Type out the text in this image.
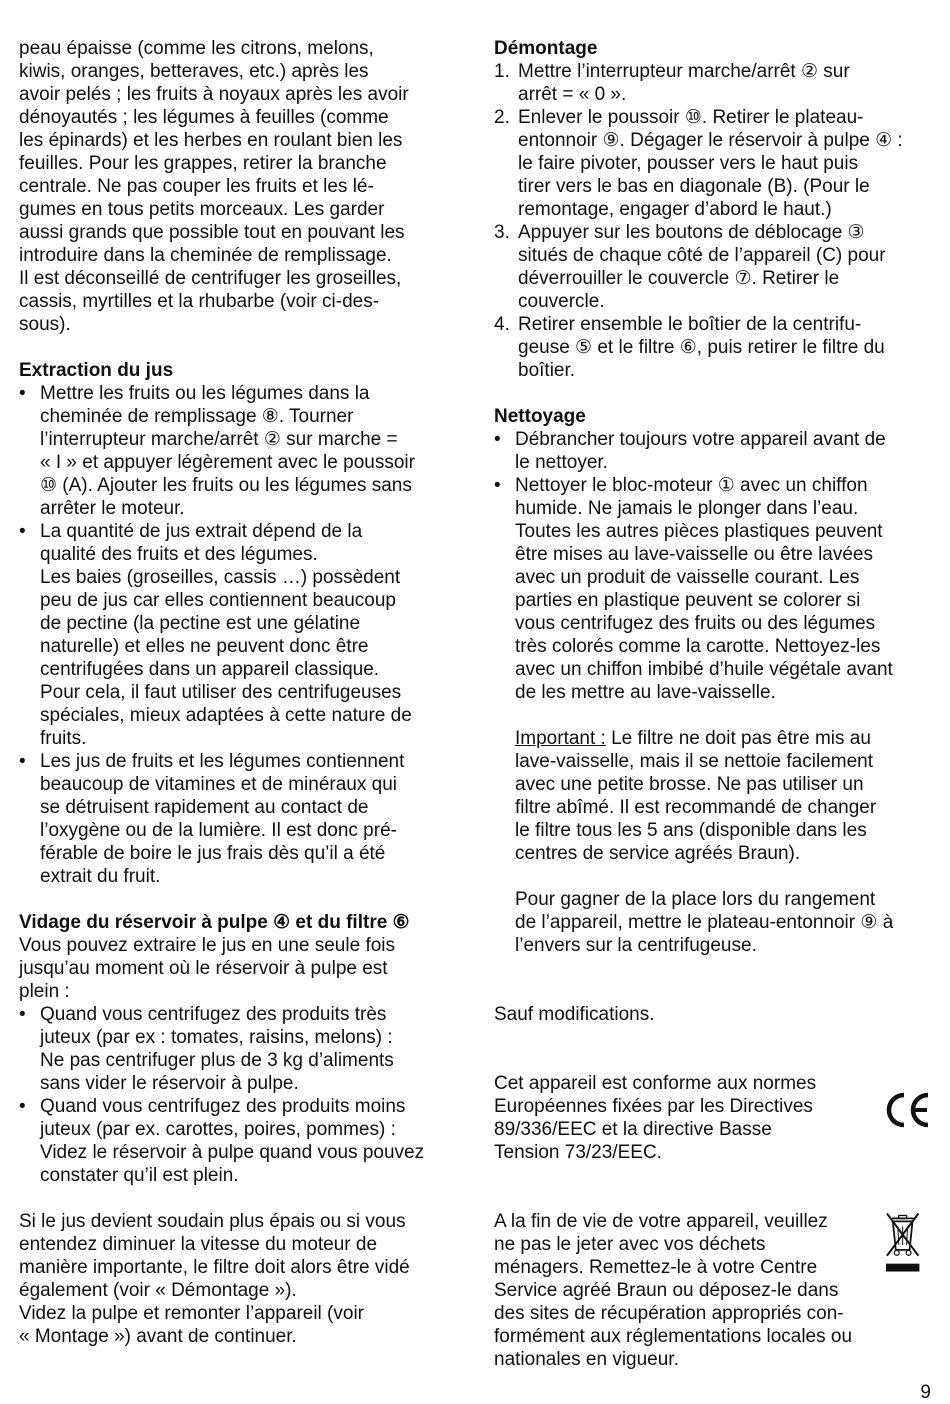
peau épaisse (comme les citrons, melons,
kiwis, oranges, betteraves, etc.) après les
avoir pelés ; les fruits à noyaux après les avoir
dénoyautés ; les légumes à feuilles (comme
les épinards) et les herbes en roulant bien les
feuilles. Pour les grappes, retirer la branche
centrale. Ne pas couper les fruits et les lé-
gumes en tous petits morceaux. Les garder
aussi grands que possible tout en pouvant les
introduire dans la cheminée de remplissage.
Il est déconseillé de centrifuger les groseilles,
cassis, myrtilles et la rhubarbe (voir ci-des-
sous).

Extraction du jus
• Mettre les fruits ou les légumes dans la
cheminée de remplissage ⑧. Tourner
l’interrupteur marche/arrêt ② sur marche =
« I » et appuyer légèrement avec le poussoir
⑩ (A). Ajouter les fruits ou les légumes sans
arrêter le moteur.
• La quantité de jus extrait dépend de la
qualité des fruits et des légumes.
Les baies (groseilles, cassis …) possèdent
peu de jus car elles contiennent beaucoup
de pectine (la pectine est une gélatine
naturelle) et elles ne peuvent donc être
centrifugées dans un appareil classique.
Pour cela, il faut utiliser des centrifugeuses
spéciales, mieux adaptées à cette nature de
fruits.
• Les jus de fruits et les légumes contiennent
beaucoup de vitamines et de minéraux qui
se détruisent rapidement au contact de
l’oxygène ou de la lumière. Il est donc pré-
férable de boire le jus frais dès qu’il a été
extrait du fruit.
Vidage du réservoir à pulpe ④ et du filtre ⑥

Vous pouvez extraire le jus en une seule fois
jusqu’au moment où le réservoir à pulpe est
plein :

• Quand vous centrifugez des produits très
juteux (par ex : tomates, raisins, melons) :
Ne pas centrifuger plus de 3 kg d’aliments
sans vider le réservoir à pulpe.
• Quand vous centrifugez des produits moins
juteux (par ex. carottes, poires, pommes) :
Videz le réservoir à pulpe quand vous pouvez
constater qu’il est plein.

Si le jus devient soudain plus épais ou si vous
entendez diminuer la vitesse du moteur de
manière importante, le filtre doit alors être vidé
également (voir « Démontage »).
Videz la pulpe et remonter l’appareil (voir
« Montage ») avant de continuer.

Démontage
1. Mettre l’interrupteur marche/arrêt ② sur
arrêt = « 0 ».
2. Enlever le poussoir ⑩. Retirer le plateau-
entonnoir ⑨. Dégager le réservoir à pulpe ④ :
le faire pivoter, pousser vers le haut puis
tirer vers le bas en diagonale (B). (Pour le
remontage, engager d’abord le haut.)
3. Appuyer sur les boutons de déblocage ③
situés de chaque côté de l’appareil (C) pour
déverrouiller le couvercle ⑦. Retirer le
couvercle.
4. Retirer ensemble le boîtier de la centrifu-
geuse ⑤ et le filtre ⑥, puis retirer le filtre du
boîtier.
Nettoyage
• Débrancher toujours votre appareil avant de
le nettoyer.
• Nettoyer le bloc-moteur ① avec un chiffon
humide. Ne jamais le plonger dans l’eau.
Toutes les autres pièces plastiques peuvent
être mises au lave-vaisselle ou être lavées
avec un produit de vaisselle courant. Les
parties en plastique peuvent se colorer si
vous centrifugez des fruits ou des légumes
très colorés comme la carotte. Nettoyez-les
avec un chiffon imbibé d’huile végétale avant
de les mettre au lave-vaisselle.

Important : Le filtre ne doit pas être mis au
lave-vaisselle, mais il se nettoie facilement
avec une petite brosse. Ne pas utiliser un
filtre abîmé. Il est recommandé de changer
le filtre tous les 5 ans (disponible dans les
centres de service agréés Braun).

Pour gagner de la place lors du rangement
de l’appareil, mettre le plateau-entonnoir ⑨ à
l’envers sur la centrifugeuse.

Sauf modifications.

Cet appareil est conforme aux normes
Européennes fixées par les Directives
89/336/EEC et la directive Basse
Tension 73/23/EEC.

A la fin de vie de votre appareil, veuillez
ne pas le jeter avec vos déchets
ménagers. Remettez-le à votre Centre
Service agréé Braun ou déposez-le dans
des sites de récupération appropriés con-
formément aux réglementations locales ou
nationales en vigueur.

9
